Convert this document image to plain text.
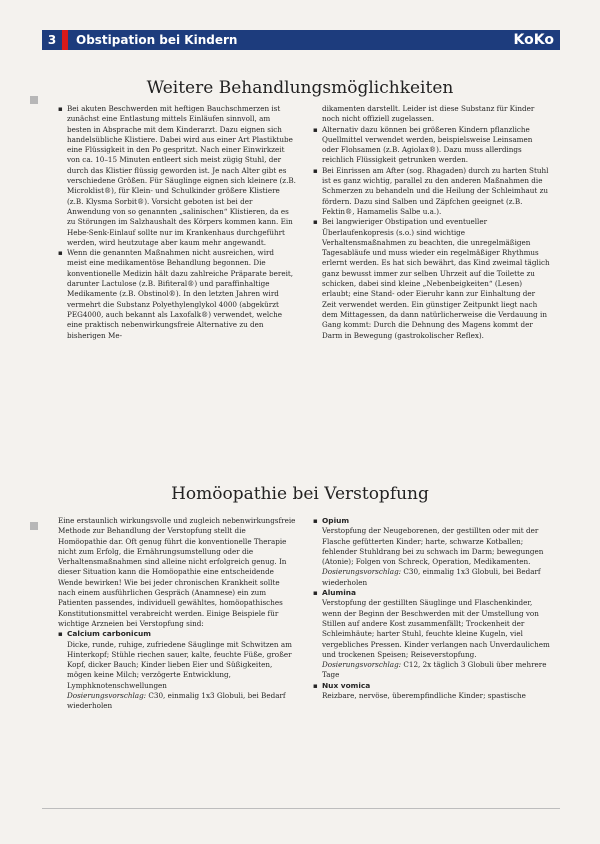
3	Obstipation bei Kindern	KoKo
Weitere Behandlungsmöglichkeiten
▪ Bei akuten Beschwerden mit heftigen Bauchschmerzen ist zunächst eine Entlastung mittels Einläufen sinnvoll, am besten in Absprache mit dem Kinderarzt. Dazu eignen sich handelsübliche Klistiere. Dabei wird aus einer Art Plastiktube eine Flüssigkeit in den Po gespritzt. Nach einer Einwirkzeit von ca. 10–15 Minuten entleert sich meist zügig Stuhl, der durch das Klistier flüssig geworden ist. Je nach Alter gibt es verschiedene Größen. Für Säuglinge eignen sich kleinere (z.B. Microklist®), für Klein- und Schulkinder größere Klistiere (z.B. Klysma Sorbit®). Vorsicht geboten ist bei der Anwendung von so genannten „salinischen“ Klistieren, da es zu Störungen im Salzhaushalt des Körpers kommen kann. Ein Hebe-Senk-Einlauf sollte nur im Krankenhaus durchgeführt werden, wird heutzutage aber kaum mehr angewandt.
▪ Wenn die genannten Maßnahmen nicht ausreichen, wird meist eine medikamentöse Behandlung begonnen. Die konventionelle Medizin hält dazu zahlreiche Präparate bereit, darunter Lactulose (z.B. Bifiteral®) und paraffinhaltige Medikamente (z.B. Obstinol®). In den letzten Jahren wird vermehrt die Substanz Polyethylenglykol 4000 (abgekürzt PEG4000, auch bekannt als Laxofalk®) verwendet, welche eine praktisch nebenwirkungsfreie Alternative zu den bisherigen Me-

dikamenten darstellt. Leider ist diese Substanz für Kinder noch nicht offiziell zugelassen.

▪ Alternativ dazu können bei größeren Kindern pflanzliche Quellmittel verwendet werden, beispielsweise Leinsamen oder Flohsamen (z.B. Agiolax®). Dazu muss allerdings reichlich Flüssigkeit getrunken werden.
▪ Bei Einrissen am After (sog. Rhagaden) durch zu harten Stuhl ist es ganz wichtig, parallel zu den anderen Maßnahmen die Schmerzen zu behandeln und die Heilung der Schleimhaut zu fördern. Dazu sind Salben und Zäpfchen geeignet (z.B. Fektin®, Hamamelis Salbe u.a.).
▪ Bei langwieriger Obstipation und eventueller Überlaufenkopresis (s.o.) sind wichtige Verhaltensmaßnahmen zu beachten, die unregelmäßigen Tagesabläufe und muss wieder ein regelmäßiger Rhythmus erlernt werden. Es hat sich bewährt, das Kind zweimal täglich ganz bewusst immer zur selben Uhrzeit auf die Toilette zu schicken, dabei sind kleine „Nebenbeigkeiten“ (Lesen) erlaubt; eine Stand- oder Eieruhr kann zur Einhaltung der Zeit verwendet werden. Ein günstiger Zeitpunkt liegt nach dem Mittagessen, da dann natürlicherweise die Verdauung in Gang kommt: Durch die Dehnung des Magens kommt der Darm in Bewegung (gastrokolischer Reflex).
Homöopathie bei Verstopfung

Eine erstaunlich wirkungsvolle und zugleich nebenwirkungsfreie Methode zur Behandlung der Verstopfung stellt die Homöopathie dar. Oft genug führt die konventionelle Therapie nicht zum Erfolg, die Ernährungsumstellung oder die Verhaltensmaßnahmen sind alleine nicht erfolgreich genug. In dieser Situation kann die Homöopathie eine entscheidende Wende bewirken! Wie bei jeder chronischen Krankheit sollte nach einem ausführlichen Gespräch (Anamnese) ein zum Patienten passendes, individuell gewähltes, homöopathisches Konstitutionsmittel verabreicht werden. Einige Beispiele für wichtige Arzneien bei Verstopfung sind:

▪ Calcium carbonicum

Dicke, runde, ruhige, zufriedene Säuglinge mit Schwitzen am Hinterkopf; Stühle riechen sauer, kalte, feuchte Füße, großer Kopf, dicker Bauch; Kinder lieben Eier und Süßigkeiten, mögen keine Milch; verzögerte Entwicklung, Lymphknotenschwellungen

Dosierungsvorschlag: C30, einmalig 1x3 Globuli, bei Bedarf wiederholen

▪ Opium

Verstopfung der Neugeborenen, der gestillten oder mit der Flasche gefütterten Kinder; harte, schwarze Kotballen; fehlender Stuhldrang bei zu schwach im Darm; bewegungen (Atonie); Folgen von Schreck, Operation, Medikamenten.

Dosierungsvorschlag: C30, einmalig 1x3 Globuli, bei Bedarf wiederholen

▪ Alumina

Verstopfung der gestillten Säuglinge und Flaschenkinder, wenn der Beginn der Beschwerden mit der Umstellung von Stillen auf andere Kost zusammenfällt; Trockenheit der Schleimhäute; harter Stuhl, feuchte kleine Kugeln, viel vergebliches Pressen. Kinder verlangen nach Unverdaulichem und trockenen Speisen; Reiseverstopfung.

Dosierungsvorschlag: C12, 2x täglich 3 Globuli über mehrere Tage

▪ Nux vomica

Reizbare, nervöse, überempfindliche Kinder; spastische
